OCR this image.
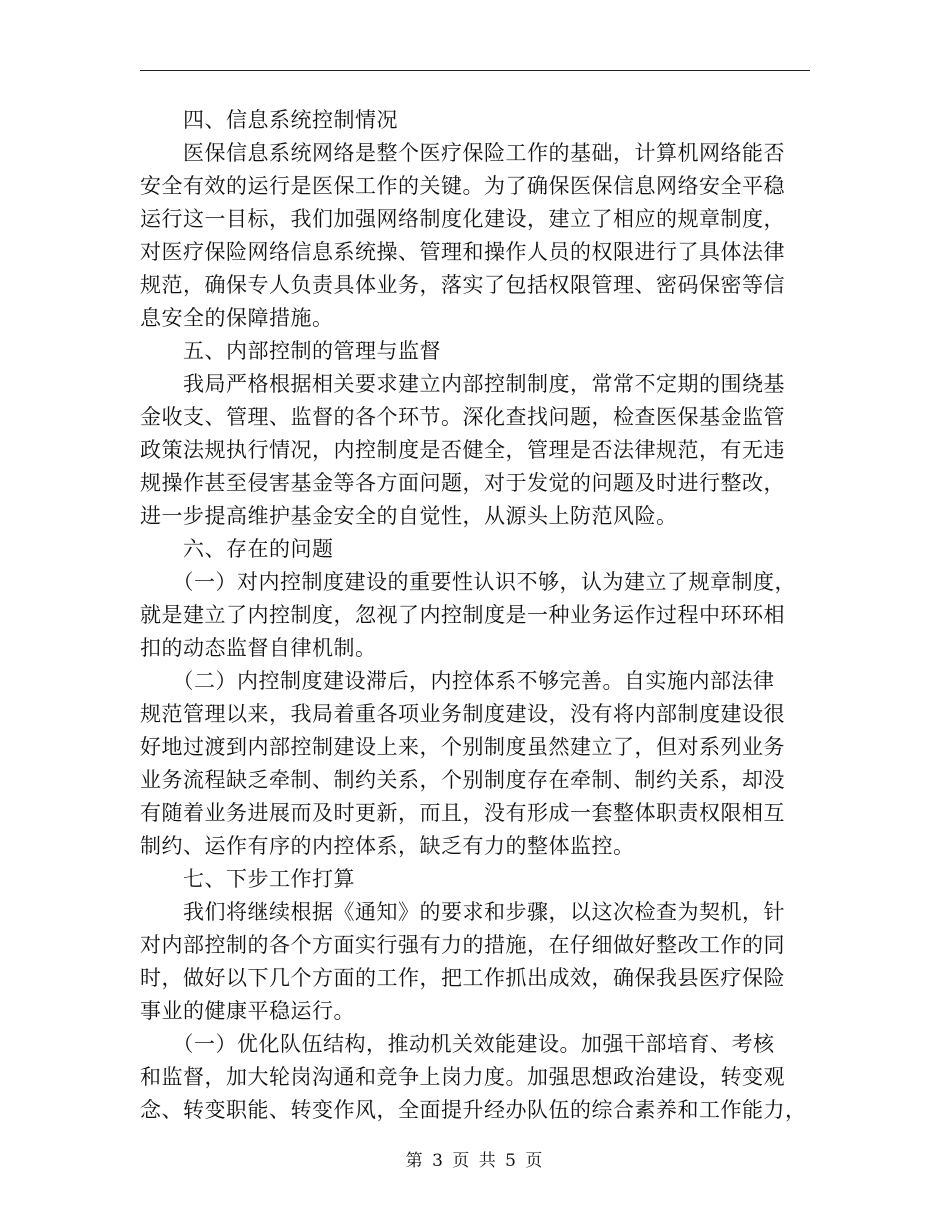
　　四、信息系统控制情况
　　医保信息系统网络是整个医疗保险工作的基础，计算机网络能否
安全有效的运行是医保工作的关键。为了确保医保信息网络安全平稳
运行这一目标，我们加强网络制度化建设，建立了相应的规章制度，
对医疗保险网络信息系统操、管理和操作人员的权限进行了具体法律
规范，确保专人负责具体业务，落实了包括权限管理、密码保密等信
息安全的保障措施。
　　五、内部控制的管理与监督
　　我局严格根据相关要求建立内部控制制度，常常不定期的围绕基
金收支、管理、监督的各个环节。深化查找问题，检查医保基金监管
政策法规执行情况，内控制度是否健全，管理是否法律规范，有无违
规操作甚至侵害基金等各方面问题，对于发觉的问题及时进行整改，
进一步提高维护基金安全的自觉性，从源头上防范风险。
　　六、存在的问题
　　（一）对内控制度建设的重要性认识不够，认为建立了规章制度，
就是建立了内控制度，忽视了内控制度是一种业务运作过程中环环相
扣的动态监督自律机制。
　　（二）内控制度建设滞后，内控体系不够完善。自实施内部法律
规范管理以来，我局着重各项业务制度建设，没有将内部制度建设很
好地过渡到内部控制建设上来，个别制度虽然建立了，但对系列业务
业务流程缺乏牵制、制约关系，个别制度存在牵制、制约关系，却没
有随着业务进展而及时更新，而且，没有形成一套整体职责权限相互
制约、运作有序的内控体系，缺乏有力的整体监控。
　　七、下步工作打算
　　我们将继续根据《通知》的要求和步骤，以这次检查为契机，针
对内部控制的各个方面实行强有力的措施，在仔细做好整改工作的同
时，做好以下几个方面的工作，把工作抓出成效，确保我县医疗保险
事业的健康平稳运行。
　　（一）优化队伍结构，推动机关效能建设。加强干部培育、考核
和监督，加大轮岗沟通和竞争上岗力度。加强思想政治建设，转变观
念、转变职能、转变作风，全面提升经办队伍的综合素养和工作能力，
第 3 页 共 5 页
